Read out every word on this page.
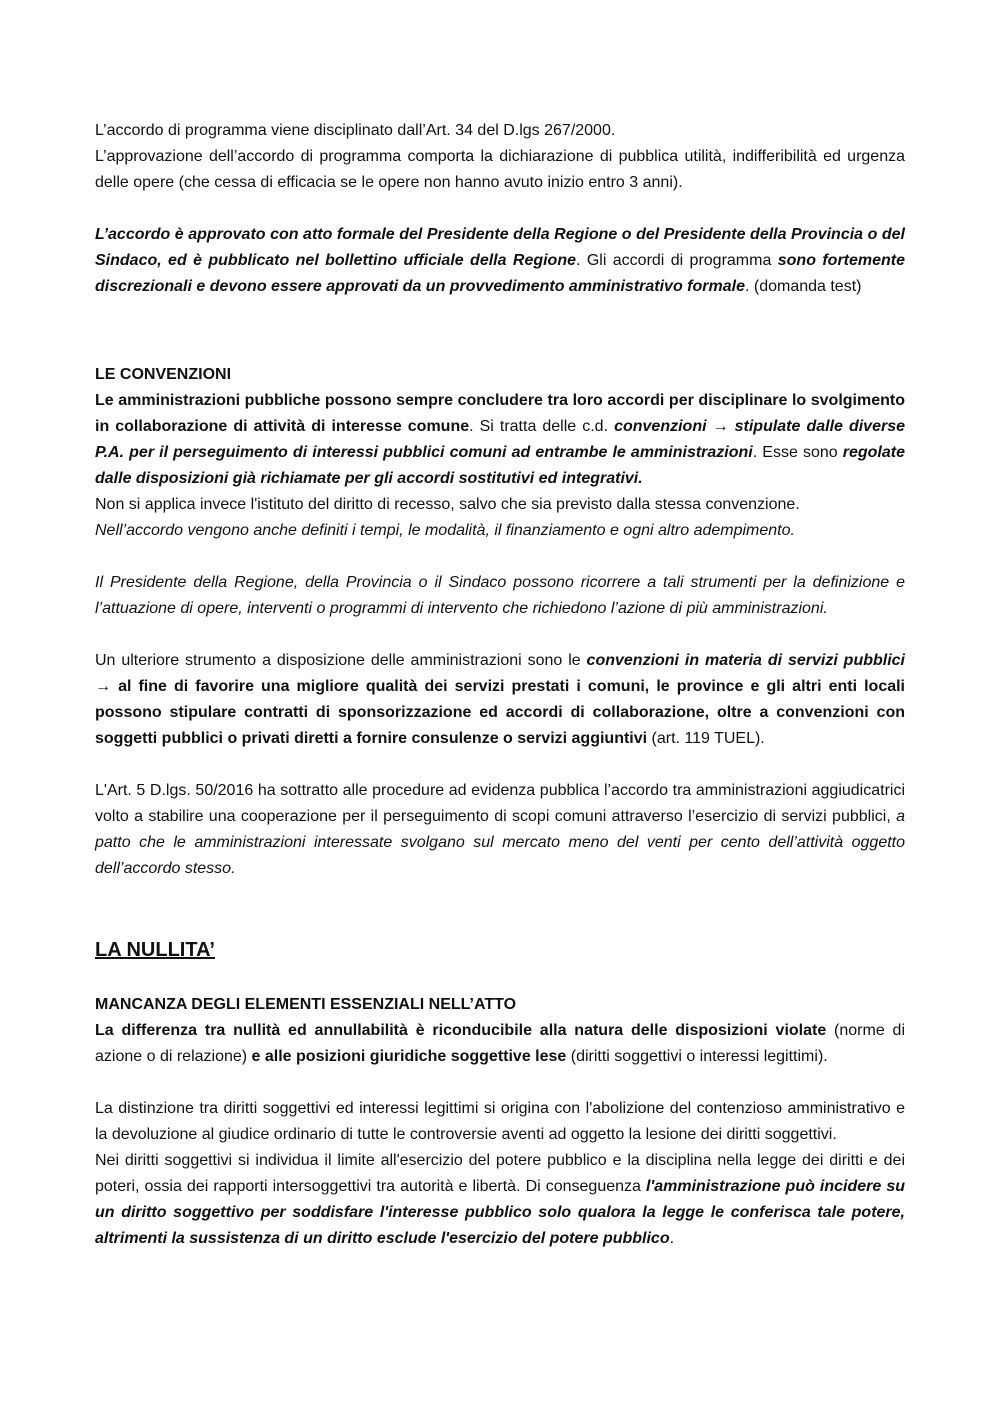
L’accordo di programma viene disciplinato dall’Art. 34 del D.lgs 267/2000.
L’approvazione dell’accordo di programma comporta la dichiarazione di pubblica utilità, indifferibilità ed urgenza delle opere (che cessa di efficacia se le opere non hanno avuto inizio entro 3 anni).

L’accordo è approvato con atto formale del Presidente della Regione o del Presidente della Provincia o del Sindaco, ed è pubblicato nel bollettino ufficiale della Regione. Gli accordi di programma sono fortemente discrezionali e devono essere approvati da un provvedimento amministrativo formale. (domanda test)

LE CONVENZIONI

Le amministrazioni pubbliche possono sempre concludere tra loro accordi per disciplinare lo svolgimento in collaborazione di attività di interesse comune. Si tratta delle c.d. convenzioni → stipulate dalle diverse P.A. per il perseguimento di interessi pubblici comuni ad entrambe le amministrazioni. Esse sono regolate dalle disposizioni già richiamate per gli accordi sostitutivi ed integrativi.

Non si applica invece l'istituto del diritto di recesso, salvo che sia previsto dalla stessa convenzione.

Nell’accordo vengono anche definiti i tempi, le modalità, il finanziamento e ogni altro adempimento.

Il Presidente della Regione, della Provincia o il Sindaco possono ricorrere a tali strumenti per la definizione e l’attuazione di opere, interventi o programmi di intervento che richiedono l’azione di più amministrazioni.

Un ulteriore strumento a disposizione delle amministrazioni sono le convenzioni in materia di servizi pubblici → al fine di favorire una migliore qualità dei servizi prestati i comuni, le province e gli altri enti locali possono stipulare contratti di sponsorizzazione ed accordi di collaborazione, oltre a convenzioni con soggetti pubblici o privati diretti a fornire consulenze o servizi aggiuntivi (art. 119 TUEL).

L'Art. 5 D.lgs. 50/2016 ha sottratto alle procedure ad evidenza pubblica l’accordo tra amministrazioni aggiudicatrici volto a stabilire una cooperazione per il perseguimento di scopi comuni attraverso l’esercizio di servizi pubblici, a patto che le amministrazioni interessate svolgano sul mercato meno del venti per cento dell’attività oggetto dell’accordo stesso.

LA NULLITA’
MANCANZA DEGLI ELEMENTI ESSENZIALI NELL’ATTO

La differenza tra nullità ed annullabilità è riconducibile alla natura delle disposizioni violate (norme di azione o di relazione) e alle posizioni giuridiche soggettive lese (diritti soggettivi o interessi legittimi).

La distinzione tra diritti soggettivi ed interessi legittimi si origina con l'abolizione del contenzioso amministrativo e la devoluzione al giudice ordinario di tutte le controversie aventi ad oggetto la lesione dei diritti soggettivi.

Nei diritti soggettivi si individua il limite all'esercizio del potere pubblico e la disciplina nella legge dei diritti e dei poteri, ossia dei rapporti intersoggettivi tra autorità e libertà. Di conseguenza l'amministrazione può incidere su un diritto soggettivo per soddisfare l'interesse pubblico solo qualora la legge le conferisca tale potere, altrimenti la sussistenza di un diritto esclude l'esercizio del potere pubblico.
